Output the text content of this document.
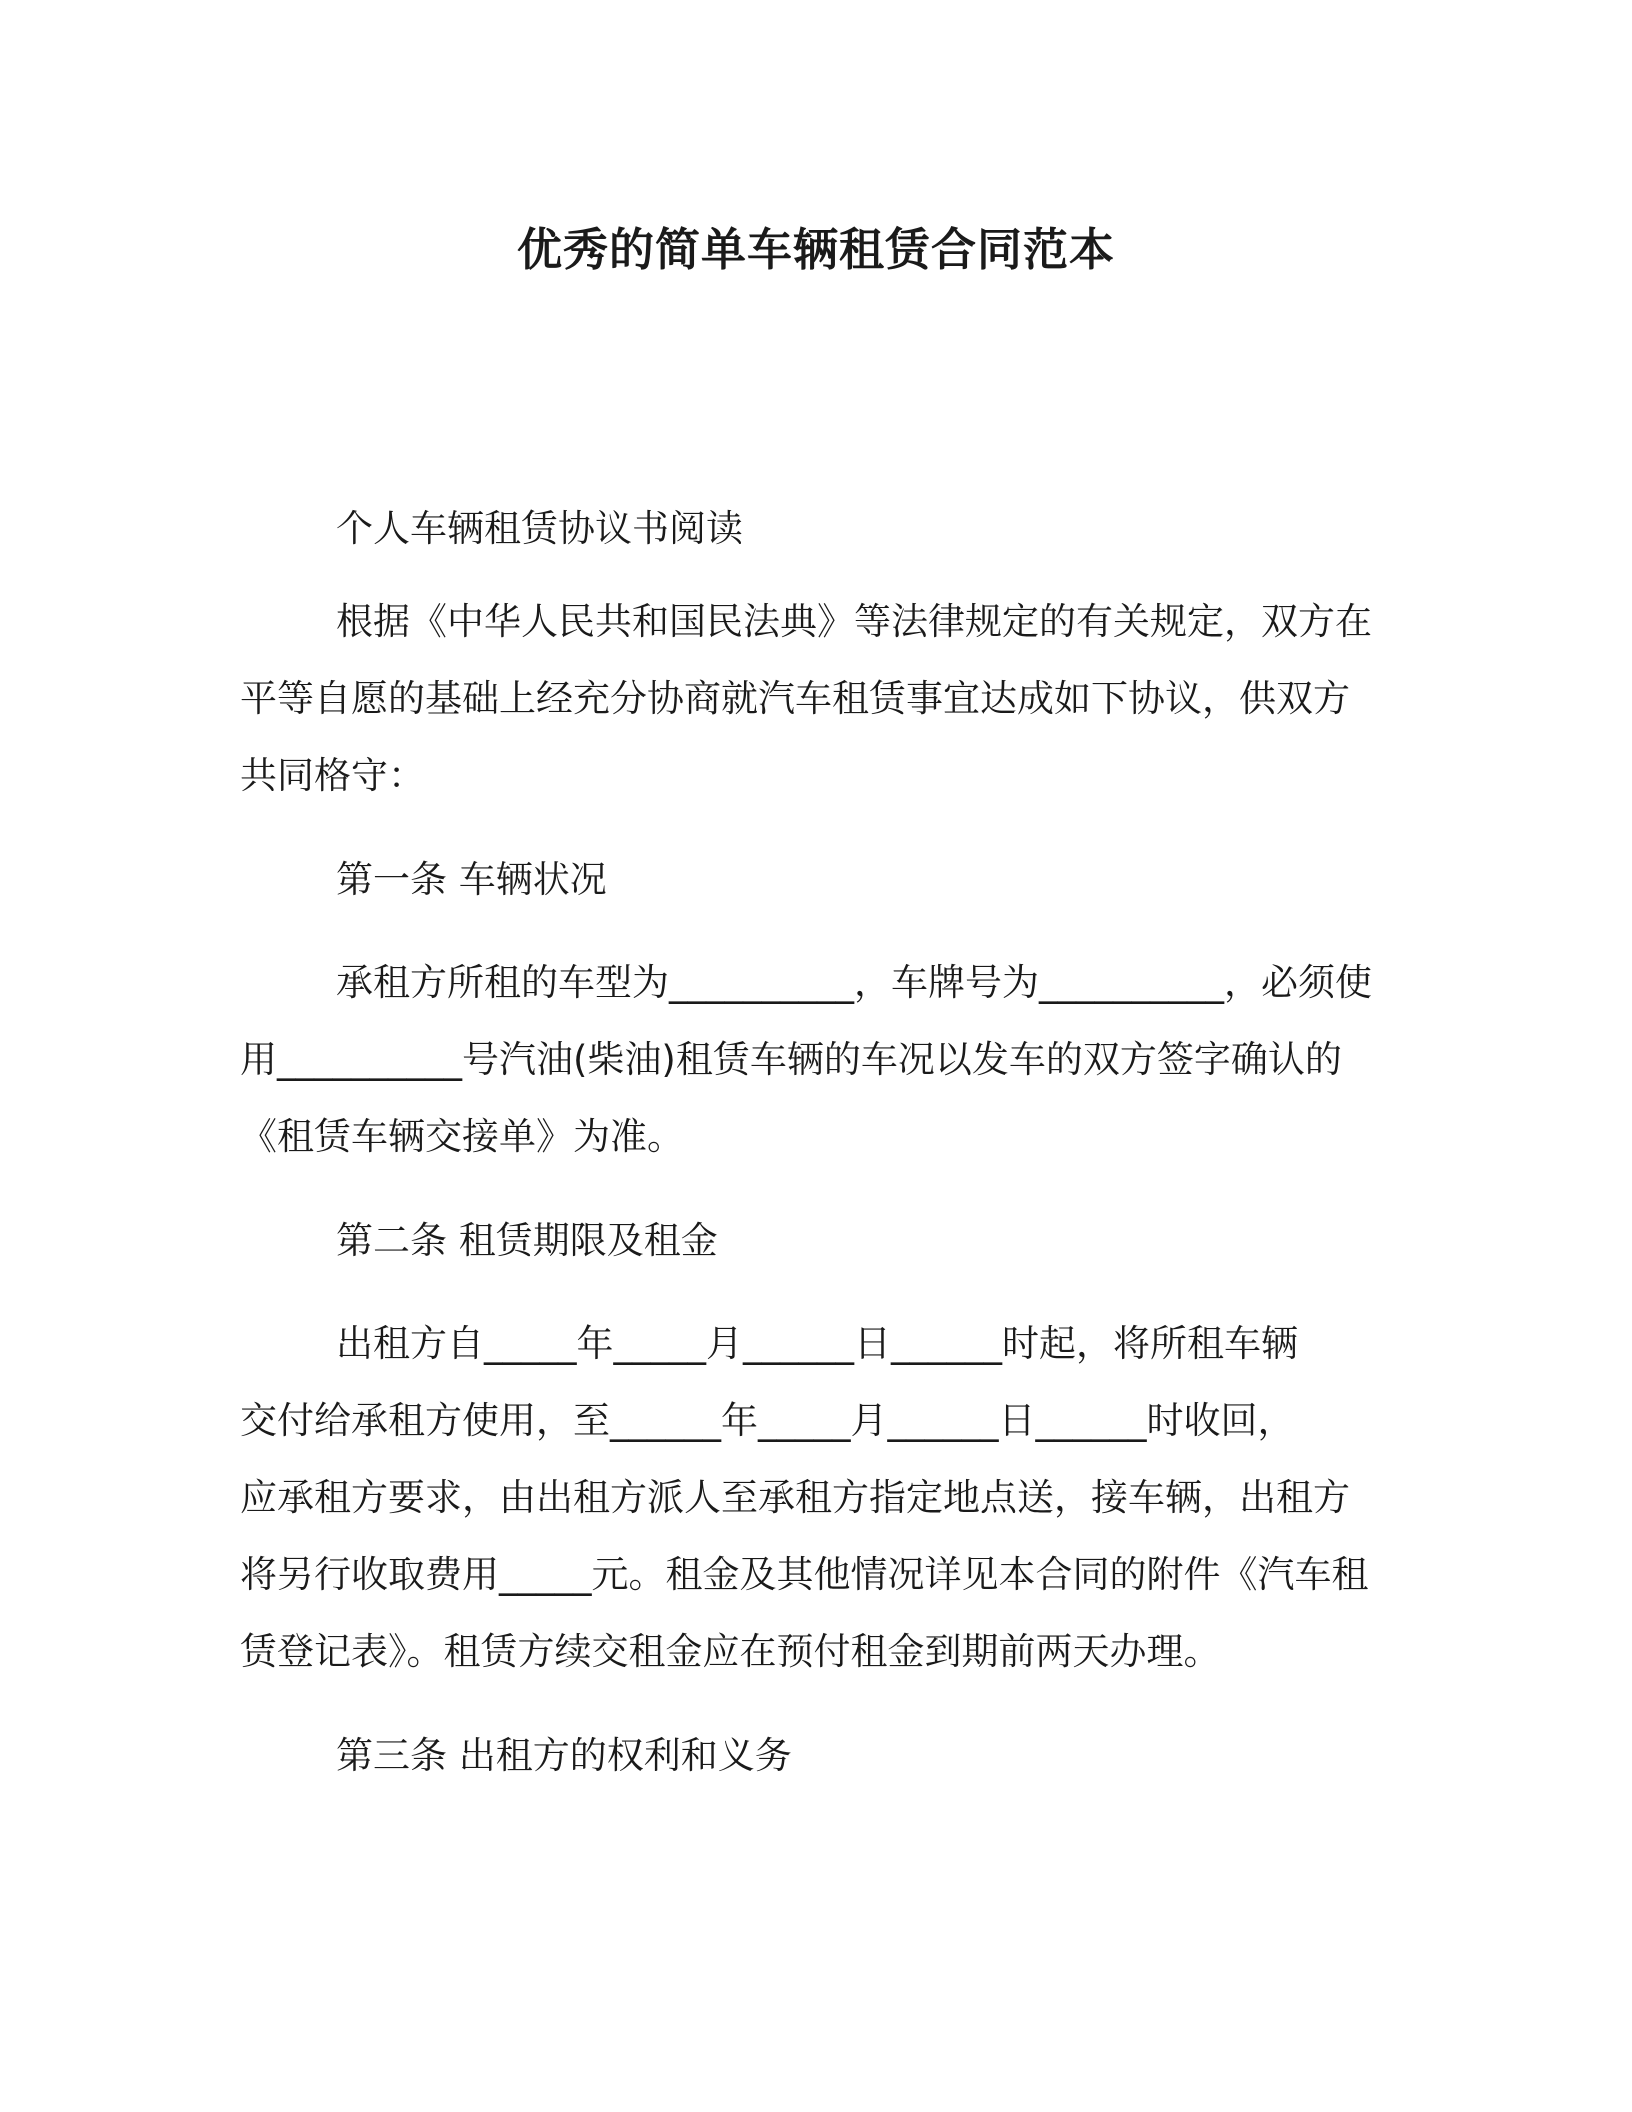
优秀的简单车辆租赁合同范本
个人车辆租赁协议书阅读
根据《中华人民共和国民法典》等法律规定的有关规定，双方在
平等自愿的基础上经充分协商就汽车租赁事宜达成如下协议，供双方
共同格守：
第一条 车辆状况
承租方所租的车型为__________，车牌号为__________，必须使
用__________号汽油(柴油)租赁车辆的车况以发车的双方签字确认的
《租赁车辆交接单》为准。
第二条 租赁期限及租金
出租方自_____年_____月______日______时起，将所租车辆
交付给承租方使用，至______年_____月______日______时收回，
应承租方要求，由出租方派人至承租方指定地点送，接车辆，出租方
将另行收取费用_____元。租金及其他情况详见本合同的附件《汽车租
赁登记表》。租赁方续交租金应在预付租金到期前两天办理。
第三条 出租方的权利和义务
